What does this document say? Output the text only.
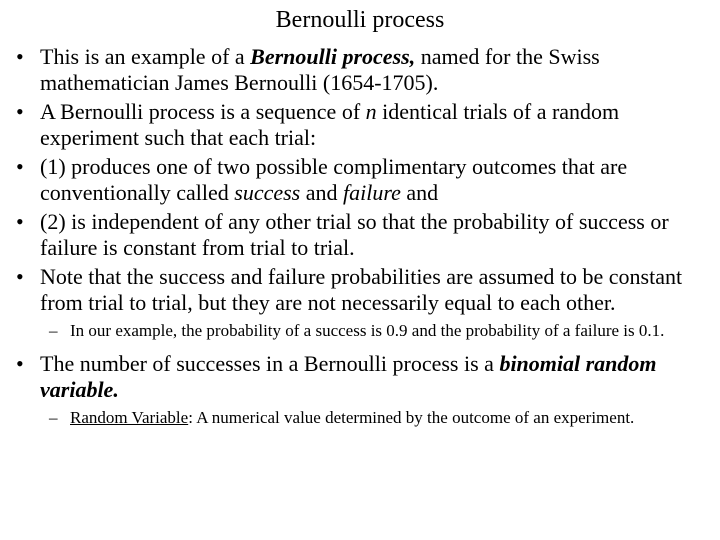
Bernoulli process
• This is an example of a Bernoulli process, named for the Swiss mathematician James Bernoulli (1654-1705).
• A Bernoulli process is a sequence of n identical trials of a random experiment such that each trial:
• (1) produces one of two possible complimentary outcomes that are conventionally called success and failure and
• (2) is independent of any other trial so that the probability of success or failure is constant from trial to trial.
• Note that the success and failure probabilities are assumed to be constant from trial to trial, but they are not necessarily equal to each other.
– In our example, the probability of a success is 0.9 and the probability of a failure is 0.1.
• The number of successes in a Bernoulli process is a binomial random variable.
– Random Variable: A numerical value determined by the outcome of an experiment.
